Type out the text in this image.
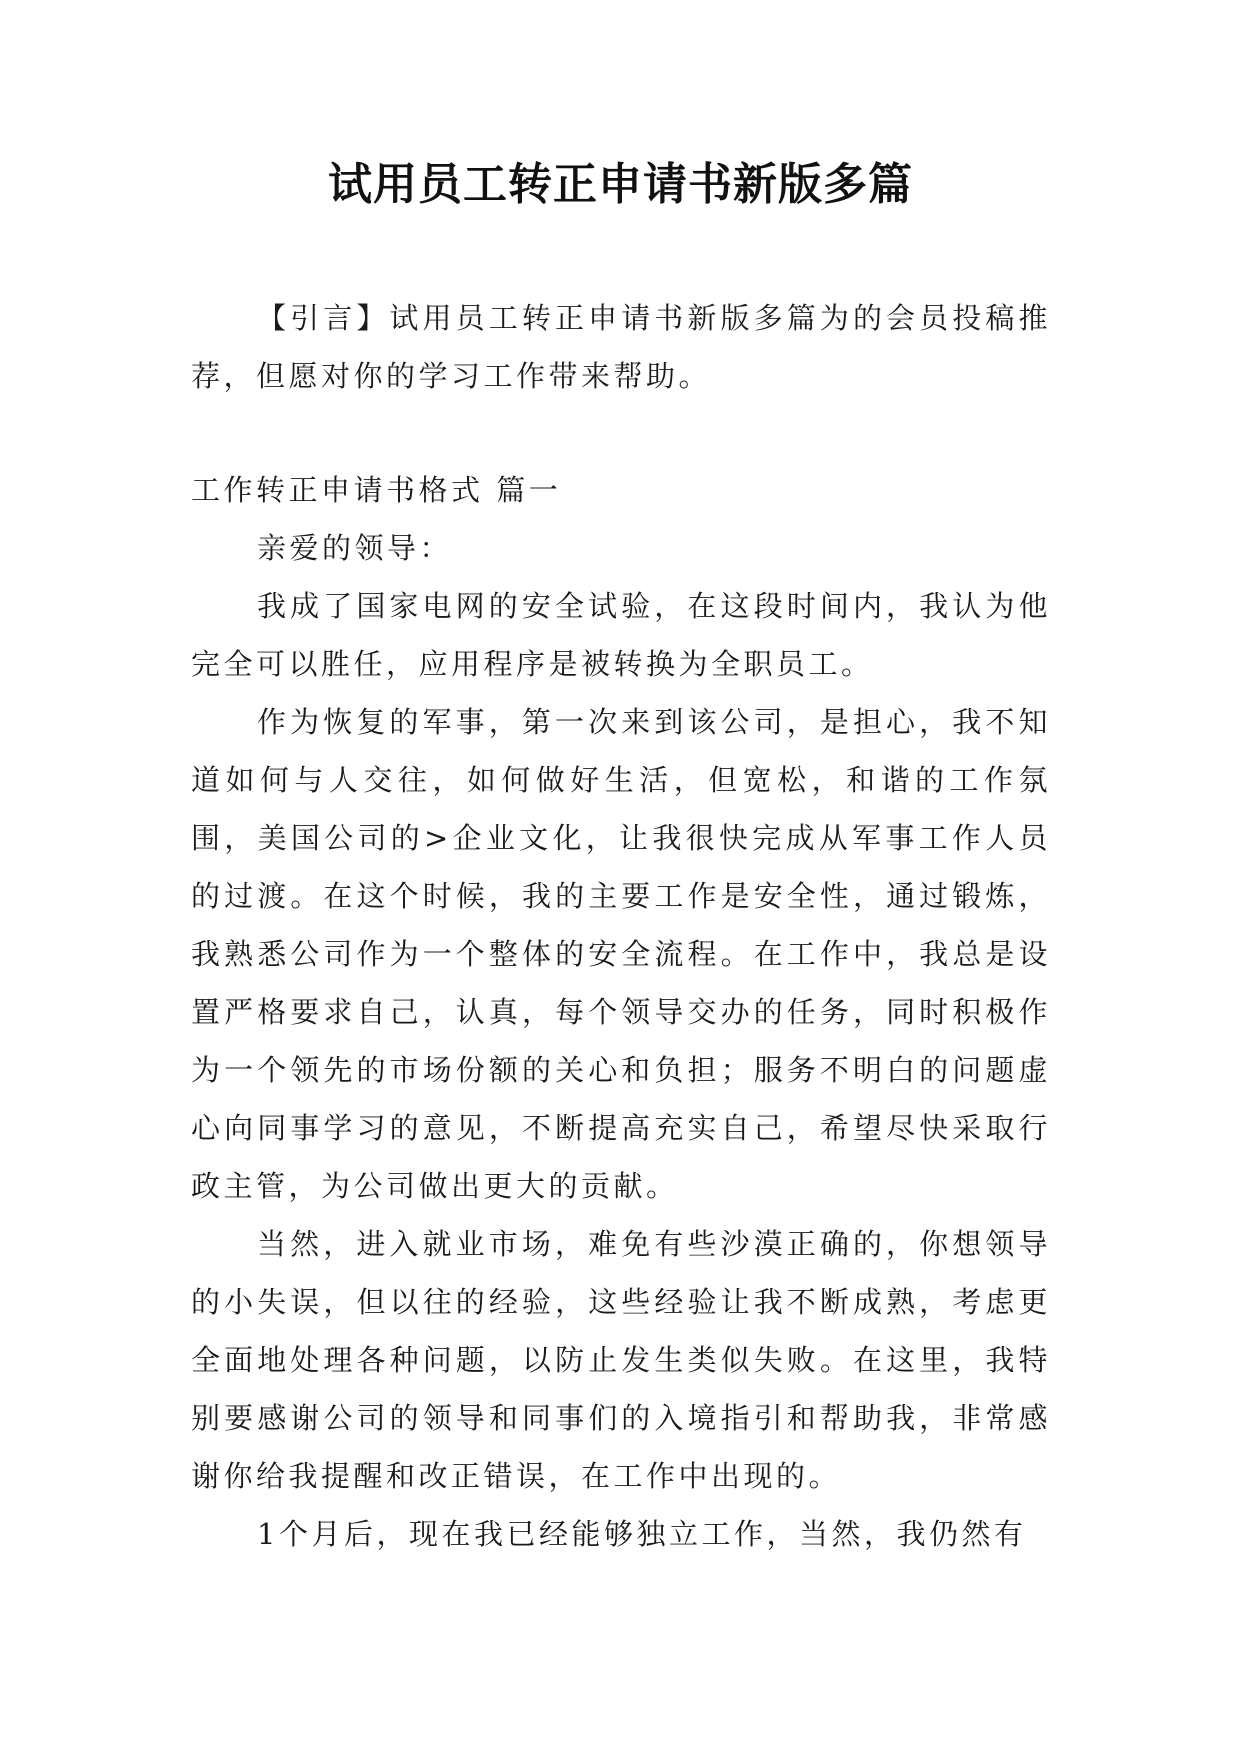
试用员工转正申请书新版多篇

【引言】试用员工转正申请书新版多篇为的会员投稿推荐，但愿对你的学习工作带来帮助。

工作转正申请书格式 篇一

亲爱的领导：

我成了国家电网的安全试验，在这段时间内，我认为他完全可以胜任，应用程序是被转换为全职员工。

作为恢复的军事，第一次来到该公司，是担心，我不知道如何与人交往，如何做好生活，但宽松，和谐的工作氛围，美国公司的>企业文化，让我很快完成从军事工作人员的过渡。在这个时候，我的主要工作是安全性，通过锻炼，我熟悉公司作为一个整体的安全流程。在工作中，我总是设置严格要求自己，认真，每个领导交办的任务，同时积极作为一个领先的市场份额的关心和负担；服务不明白的问题虚心向同事学习的意见，不断提高充实自己，希望尽快采取行政主管，为公司做出更大的贡献。

当然，进入就业市场，难免有些沙漠正确的，你想领导的小失误，但以往的经验，这些经验让我不断成熟，考虑更全面地处理各种问题，以防止发生类似失败。在这里，我特别要感谢公司的领导和同事们的入境指引和帮助我，非常感谢你给我提醒和改正错误，在工作中出现的。

1个月后，现在我已经能够独立工作，当然，我仍然有
